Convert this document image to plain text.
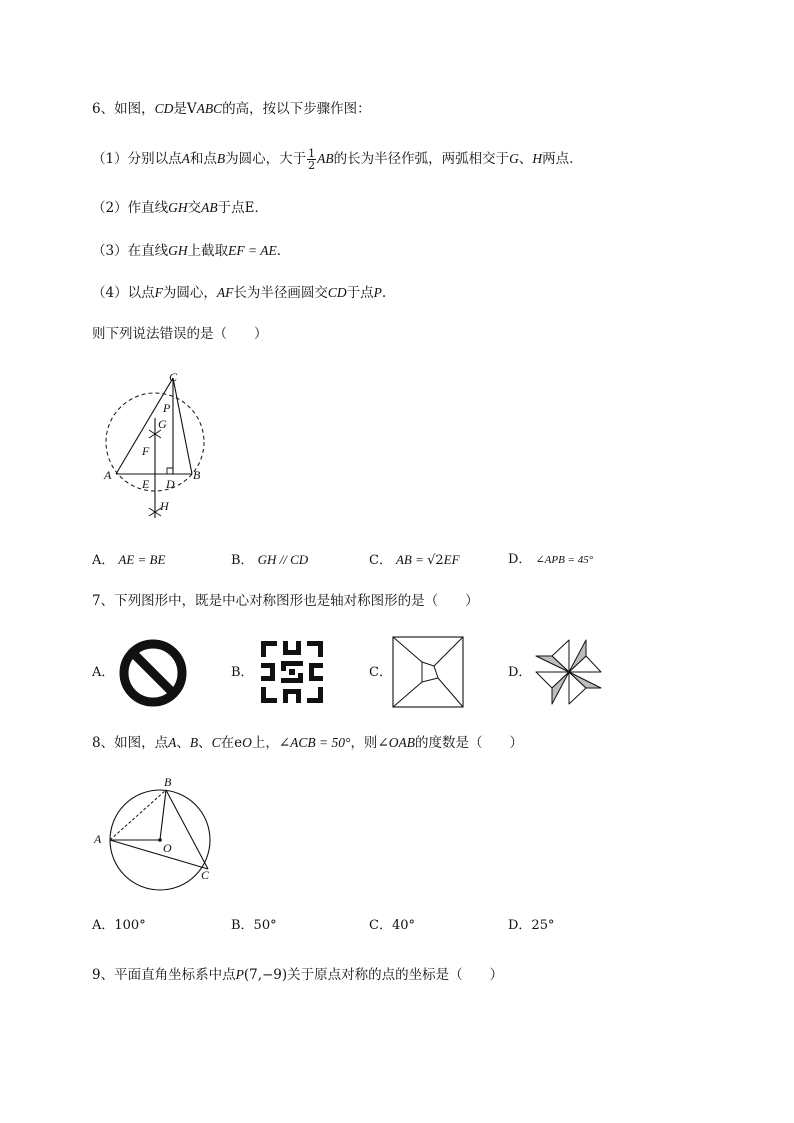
6、如图，CD是VABC的高，按以下步骤作图：
（1）分别以点A和点B为圆心，大于 $\frac{1}{2}$ AB的长为半径作弧，两弧相交于G、H两点．
（2）作直线GH交AB于点E．
（3）在直线GH上截取EF = AE．
（4）以点F为圆心，AF长为半径画圆交CD于点P.
则下列说法错误的是（　　）
C
P
G
F
A
E D
B
H
A． AE = BE	B． GH // CD	C． AB = √2EF	D． ∠APB = 45°
7、下列图形中，既是中心对称图形也是轴对称图形的是（　　）
A．	B．	C．	D．
8、如图，点A、B、C在eO上，∠ACB = 50°，则∠OAB的度数是（　　）
A
B
C
O
A．100°	B．50°	C．40°	D．25°
9、平面直角坐标系中点P(7,−9)关于原点对称的点的坐标是（　　）
